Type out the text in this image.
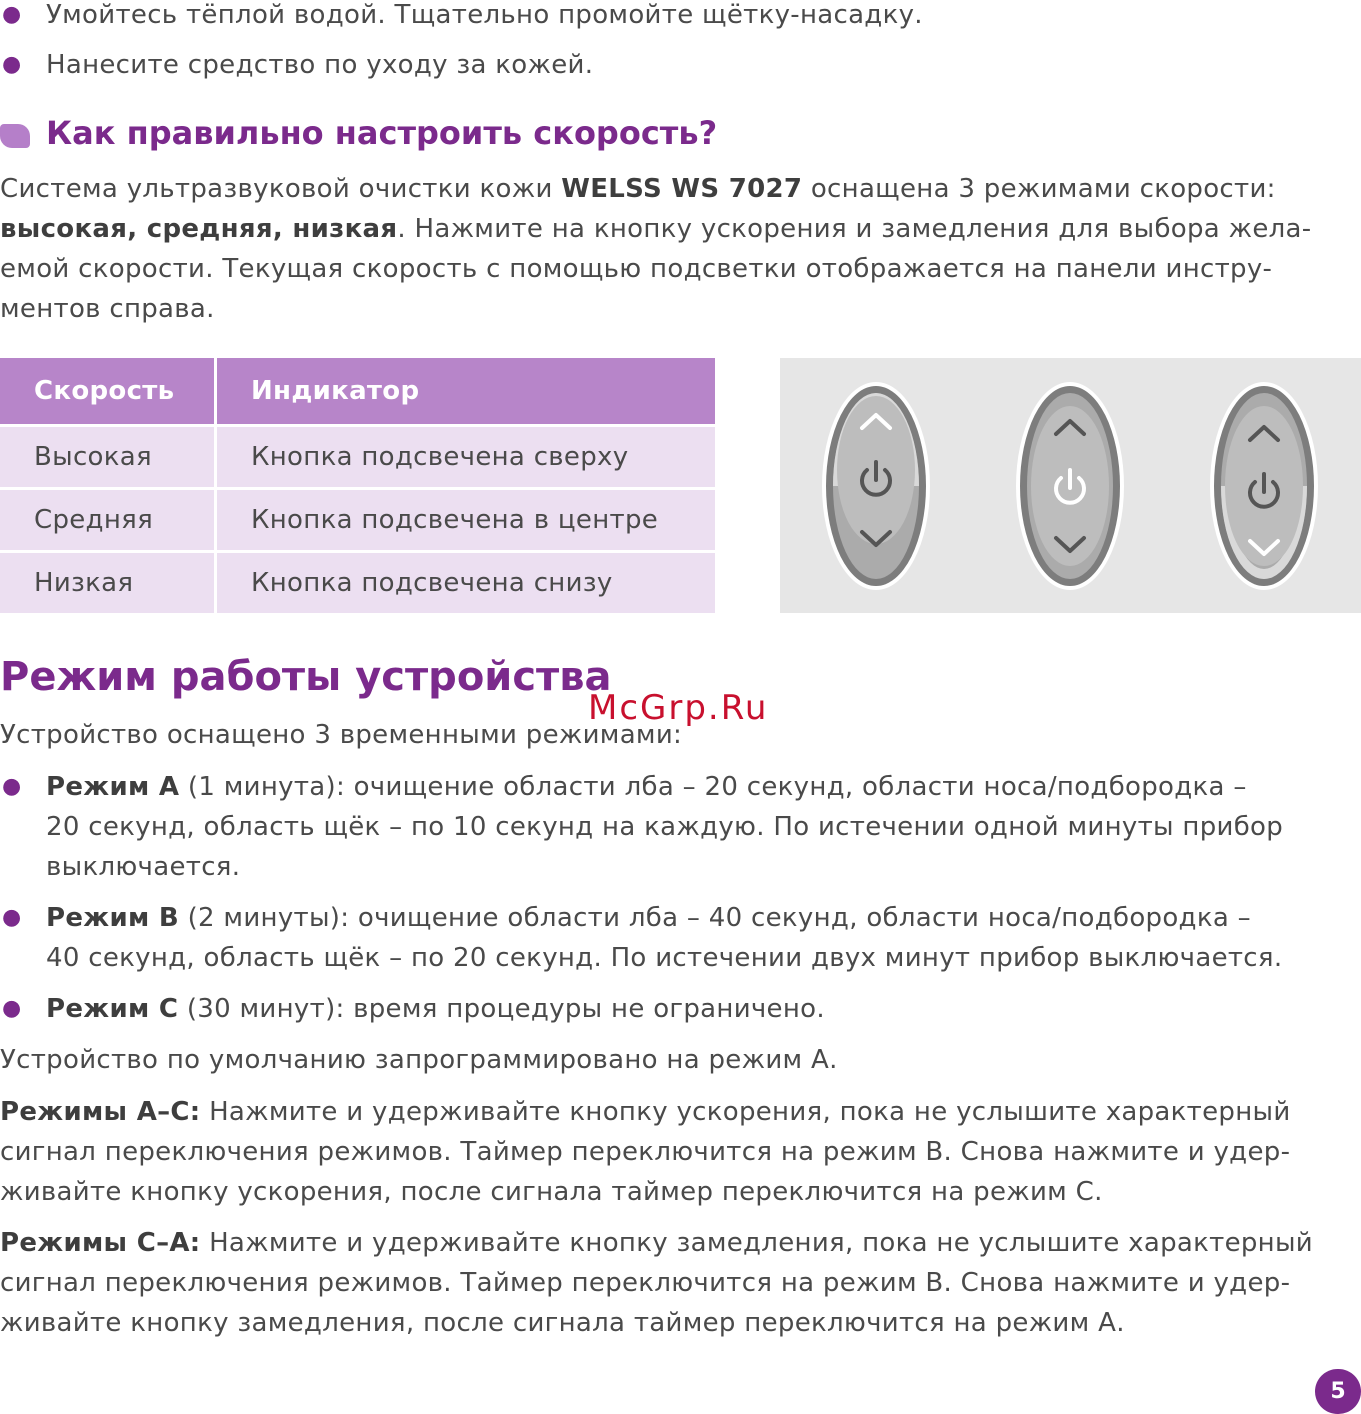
● Умойтесь тёплой водой. Тщательно промойте щётку-насадку.
● Нанесите средство по уходу за кожей.
Как правильно настроить скорость?
Система ультразвуковой очистки кожи WELSS WS 7027 оснащена 3 режимами скорости:
высокая, средняя, низкая. Нажмите на кнопку ускорения и замедления для выбора жела-
емой скорости. Текущая скорость с помощью подсветки отображается на панели инстру-
ментов справа.
Скорость	Индикатор
Высокая	Кнопка подсвечена сверху
Средняя	Кнопка подсвечена в центре
Низкая	Кнопка подсвечена снизу
Режим работы устройства
McGrp.Ru
Устройство оснащено 3 временными режимами:
● Режим А (1 минута): очищение области лба – 20 секунд, области носа/подбородка –
20 секунд, область щёк – по 10 секунд на каждую. По истечении одной минуты прибор
выключается.
● Режим В (2 минуты): очищение области лба – 40 секунд, области носа/подбородка –
40 секунд, область щёк – по 20 секунд. По истечении двух минут прибор выключается.
● Режим С (30 минут): время процедуры не ограничено.
Устройство по умолчанию запрограммировано на режим А.
Режимы А–С: Нажмите и удерживайте кнопку ускорения, пока не услышите характерный
сигнал переключения режимов. Таймер переключится на режим В. Снова нажмите и удер-
живайте кнопку ускорения, после сигнала таймер переключится на режим С.
Режимы С–А: Нажмите и удерживайте кнопку замедления, пока не услышите характерный
сигнал переключения режимов. Таймер переключится на режим В. Снова нажмите и удер-
живайте кнопку замедления, после сигнала таймер переключится на режим А.
5
